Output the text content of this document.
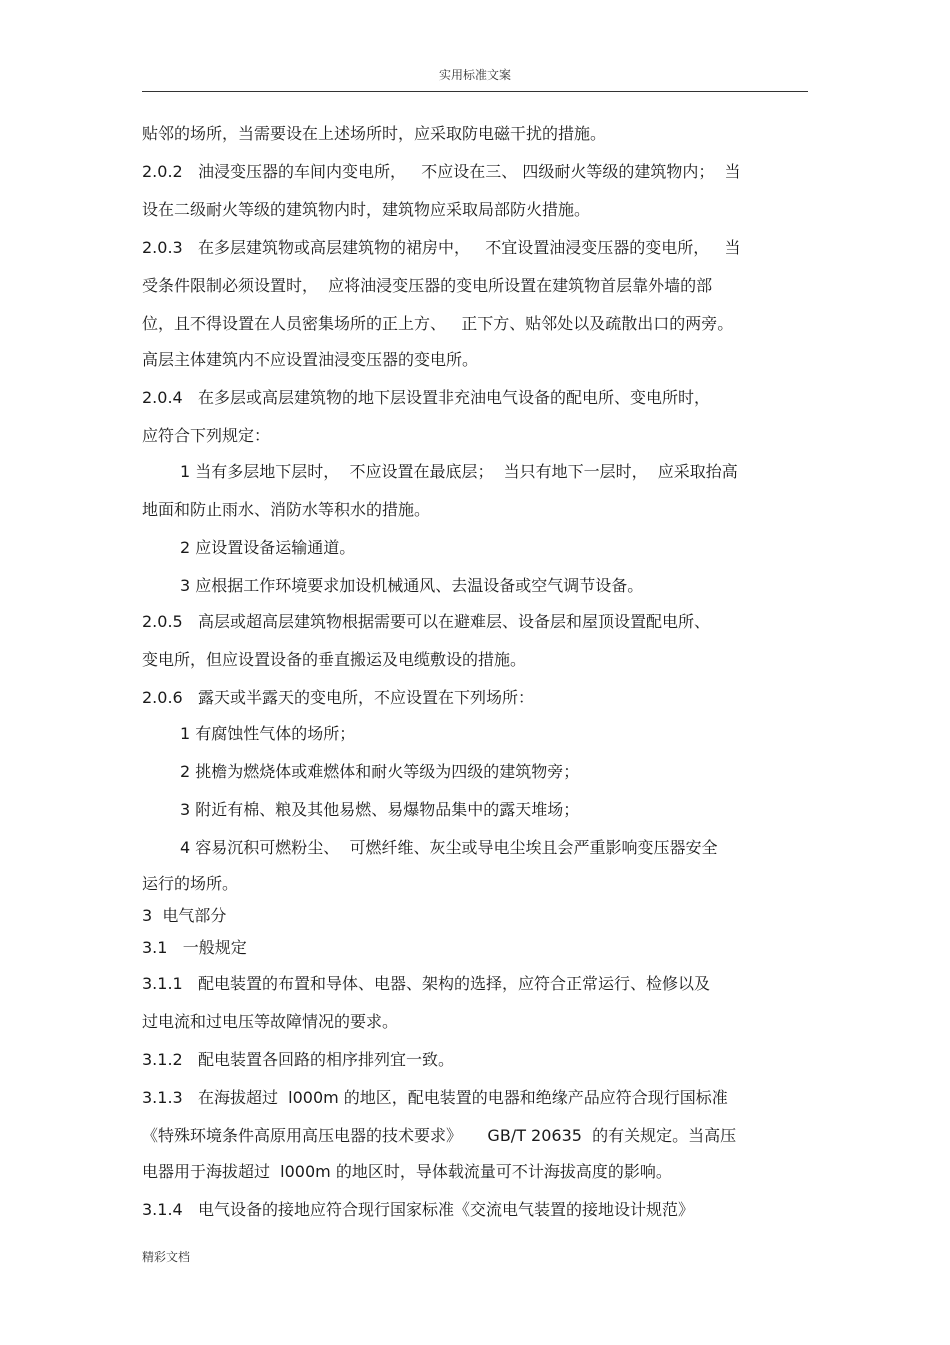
实用标准文案
贴邻的场所，当需要设在上述场所时，应采取防电磁干扰的措施。
2.0.2   油浸变压器的车间内变电所，   不应设在三、 四级耐火等级的建筑物内；  当
设在二级耐火等级的建筑物内时，建筑物应采取局部防火措施。
2.0.3   在多层建筑物或高层建筑物的裙房中，   不宜设置油浸变压器的变电所，   当
受条件限制必须设置时，  应将油浸变压器的变电所设置在建筑物首层靠外墙的部
位，且不得设置在人员密集场所的正上方、   正下方、贴邻处以及疏散出口的两旁。
高层主体建筑内不应设置油浸变压器的变电所。
2.0.4   在多层或高层建筑物的地下层设置非充油电气设备的配电所、变电所时，
应符合下列规定：
1 当有多层地下层时，  不应设置在最底层；  当只有地下一层时，  应采取抬高
地面和防止雨水、消防水等积水的措施。
2 应设置设备运输通道。
3 应根据工作环境要求加设机械通风、去温设备或空气调节设备。
2.0.5   高层或超高层建筑物根据需要可以在避难层、设备层和屋顶设置配电所、
变电所，但应设置设备的垂直搬运及电缆敷设的措施。
2.0.6   露天或半露天的变电所，不应设置在下列场所：
1 有腐蚀性气体的场所；
2 挑檐为燃烧体或难燃体和耐火等级为四级的建筑物旁；
3 附近有棉、粮及其他易燃、易爆物品集中的露天堆场；
4 容易沉积可燃粉尘、  可燃纤维、灰尘或导电尘埃且会严重影响变压器安全
运行的场所。
3  电气部分
3.1   一般规定
3.1.1   配电装置的布置和导体、电器、架构的选择，应符合正常运行、检修以及
过电流和过电压等故障情况的要求。
3.1.2   配电装置各回路的相序排列宜一致。
3.1.3   在海拔超过  l000m 的地区，配电装置的电器和绝缘产品应符合现行国标准
《特殊环境条件高原用高压电器的技术要求》     GB/T 20635  的有关规定。当高压
电器用于海拔超过  l000m 的地区时，导体载流量可不计海拔高度的影响。
3.1.4   电气设备的接地应符合现行国家标准《交流电气装置的接地设计规范》
精彩文档
